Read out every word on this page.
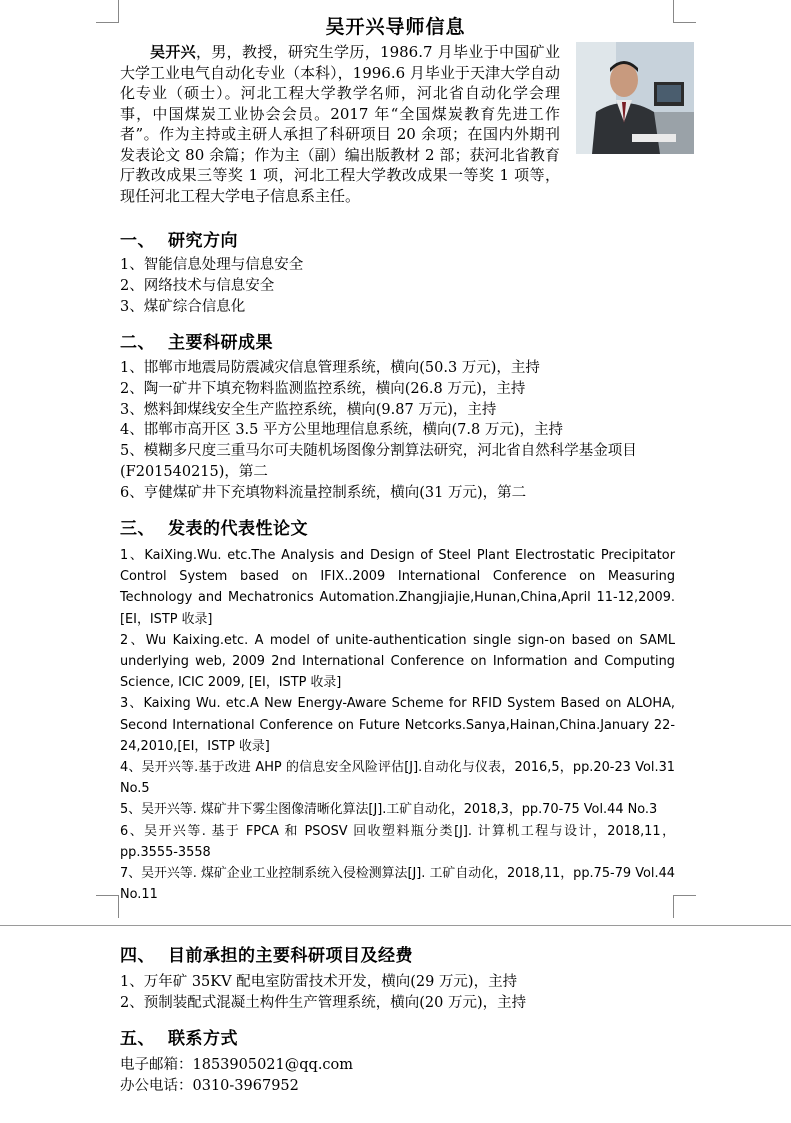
吴开兴导师信息
吴开兴，男，教授，研究生学历，1986.7 月毕业于中国矿业大学工业电气自动化专业（本科），1996.6 月毕业于天津大学自动化专业（硕士）。河北工程大学教学名师，河北省自动化学会理事，中国煤炭工业协会会员。2017 年“全国煤炭教育先进工作者”。作为主持或主研人承担了科研项目 20 余项；在国内外期刊发表论文 80 余篇；作为主（副）编出版教材 2 部；获河北省教育厅教改成果三等奖 1 项，河北工程大学教改成果一等奖 1 项等，现任河北工程大学电子信息系主任。
一、 研究方向
1、智能信息处理与信息安全
2、网络技术与信息安全
3、煤矿综合信息化
二、 主要科研成果
1、邯郸市地震局防震减灾信息管理系统，横向(50.3 万元)，主持
2、陶一矿井下填充物料监测监控系统，横向(26.8 万元)，主持
3、燃料卸煤线安全生产监控系统，横向(9.87 万元)，主持
4、邯郸市高开区 3.5 平方公里地理信息系统，横向(7.8 万元)，主持
5、模糊多尺度三重马尔可夫随机场图像分割算法研究，河北省自然科学基金项目(F201540215)，第二
6、亨健煤矿井下充填物料流量控制系统，横向(31 万元)，第二
三、 发表的代表性论文
1、KaiXing.Wu. etc.The Analysis and Design of Steel Plant Electrostatic Precipitator Control System based on IFIX..2009 International Conference on Measuring Technology and Mechatronics Automation.Zhangjiajie,Hunan,China,April 11-12,2009.[EI，ISTP 收录]
2、Wu Kaixing.etc. A model of unite-authentication single sign-on based on SAML underlying web, 2009 2nd International Conference on Information and Computing Science, ICIC 2009, [EI，ISTP 收录]
3、Kaixing Wu. etc.A New Energy-Aware Scheme for RFID System Based on ALOHA, Second International Conference on Future Netcorks.Sanya,Hainan,China.January 22-24,2010,[EI，ISTP 收录]
4、吴开兴等.基于改进 AHP 的信息安全风险评估[J].自动化与仪表，2016,5，pp.20-23 Vol.31 No.5
5、吴开兴等. 煤矿井下雾尘图像清晰化算法[J].工矿自动化，2018,3，pp.70-75 Vol.44 No.3
6、吴开兴等. 基于 FPCA 和 PSOSV 回收塑料瓶分类[J]. 计算机工程与设计，2018,11，pp.3555-3558
7、吴开兴等. 煤矿企业工业控制系统入侵检测算法[J]. 工矿自动化，2018,11，pp.75-79 Vol.44 No.11
四、 目前承担的主要科研项目及经费
1、万年矿 35KV 配电室防雷技术开发，横向(29 万元)，主持
2、预制装配式混凝土构件生产管理系统，横向(20 万元)，主持
五、 联系方式
电子邮箱：1853905021@qq.com
办公电话：0310-3967952
